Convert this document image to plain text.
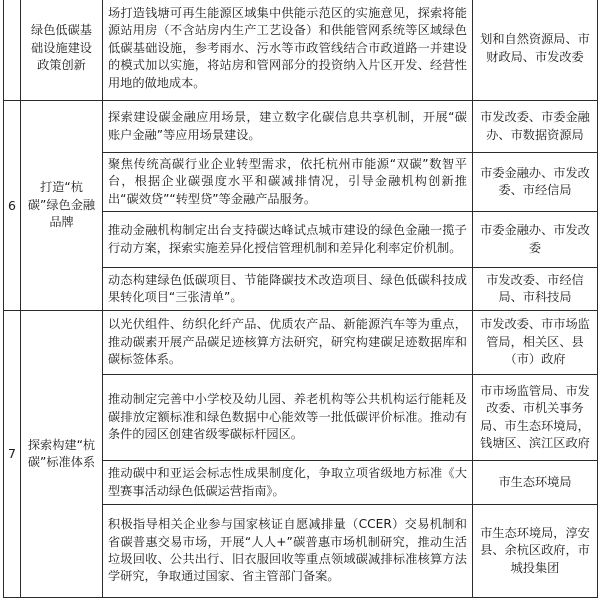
	绿色低碳基础设施建设政策创新	场打造钱塘可再生能源区域集中供能示范区的实施意见，探索将能源站用房（不含站房内生产工艺设备）和供能管网系统等区域绿色低碳基础设施，参考雨水、污水等市政管线结合市政道路一并建设的模式加以实施，将站房和管网部分的投资纳入片区开发、经营性用地的做地成本。	划和自然资源局、市财政局、市发改委
6	打造“杭碳”绿色金融品牌	探索建设碳金融应用场景，建立数字化碳信息共享机制，开展“碳账户金融”等应用场景建设。	市发改委、市委金融办、市数据资源局
		聚焦传统高碳行业企业转型需求，依托杭州市能源“双碳”数智平台，根据企业碳强度水平和碳减排情况，引导金融机构创新推出“碳效贷”“转型贷”等金融产品服务。	市委金融办、市发改委、市经信局
		推动金融机构制定出台支持碳达峰试点城市建设的绿色金融一揽子行动方案，探索实施差异化授信管理机制和差异化利率定价机制。	市委金融办、市发改委
		动态构建绿色低碳项目、节能降碳技术改造项目、绿色低碳科技成果转化项目“三张清单”。	市发改委、市经信局、市科技局
7	探索构建“杭碳”标准体系	以光伏组件、纺织化纤产品、优质农产品、新能源汽车等为重点，推动碳素开展产品碳足迹核算方法研究，研究构建碳足迹数据库和碳标签体系。	市发改委、市市场监管局，相关区、县（市）政府
		推动制定完善中小学校及幼儿园、养老机构等公共机构运行能耗及碳排放定额标准和绿色数据中心能效等一批低碳评价标准。推动有条件的园区创建省级零碳标杆园区。	市市场监管局、市发改委、市机关事务局、市生态环境局，钱塘区、滨江区政府
		推动碳中和亚运会标志性成果制度化，争取立项省级地方标准《大型赛事活动绿色低碳运营指南》。	市生态环境局
		积极指导相关企业参与国家核证自愿减排量（CCER）交易机制和省碳普惠交易市场，开展“人人+”碳普惠市场机制研究，推动生活垃圾回收、公共出行、旧衣服回收等重点领域碳减排标准核算方法学研究，争取通过国家、省主管部门备案。	市生态环境局，淳安县、余杭区政府，市城投集团
